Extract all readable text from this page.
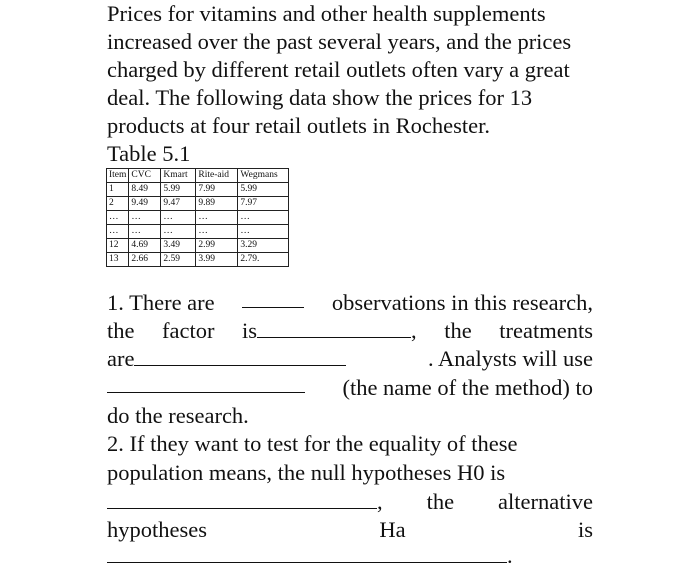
Prices for vitamins and other health supplements

increased over the past several years, and the prices

charged by different retail outlets often vary a great

deal. The following data show the prices for 13

products at four retail outlets in Rochester.

Table 5.1

Item	CVC	Kmart	Rite-aid	Wegmans
1	8.49	5.99	7.99	5.99
2	9.49	9.47	9.89	7.97
…	…	…	…	…
…	…	…	…	…
12	4.69	3.49	2.99	3.29
13	2.66	2.59	3.99	2.79.
1. There are	observations in this research,
the factor is	, the treatments
are	. Analysts will use
(the name of the method) to

do the research.

2. If they want to test for the equality of these

population means, the null hypotheses H0 is
, the alternative
hypotheses	Ha	is
.
